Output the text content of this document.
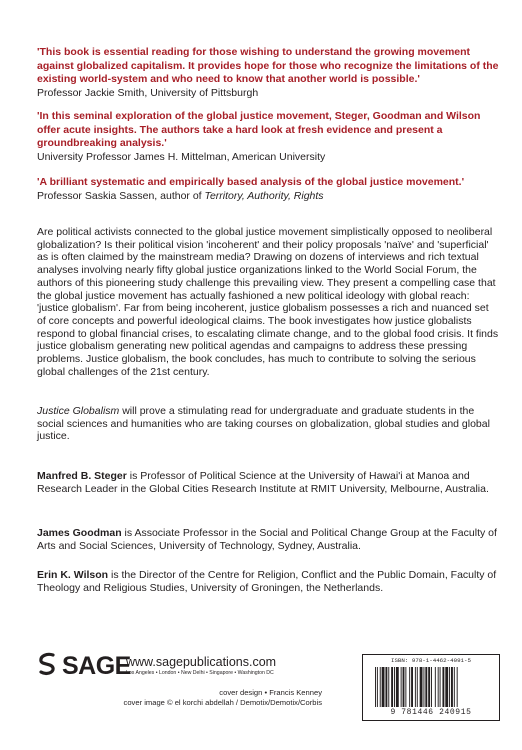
'This book is essential reading for those wishing to understand the growing movement against globalized capitalism. It provides hope for those who recognize the limitations of the existing world-system and who need to know that another world is possible.'

Professor Jackie Smith, University of Pittsburgh

'In this seminal exploration of the global justice movement, Steger, Goodman and Wilson offer acute insights. The authors take a hard look at fresh evidence and present a groundbreaking analysis.'

University Professor James H. Mittelman, American University

'A brilliant systematic and empirically based analysis of the global justice movement.'

Professor Saskia Sassen, author of Territory, Authority, Rights

Are political activists connected to the global justice movement simplistically opposed to neoliberal globalization? Is their political vision 'incoherent' and their policy proposals 'naïve' and 'superficial' as is often claimed by the mainstream media? Drawing on dozens of interviews and rich textual analyses involving nearly fifty global justice organizations linked to the World Social Forum, the authors of this pioneering study challenge this prevailing view. They present a compelling case that the global justice movement has actually fashioned a new political ideology with global reach: 'justice globalism'. Far from being incoherent, justice globalism possesses a rich and nuanced set of core concepts and powerful ideological claims. The book investigates how justice globalists respond to global financial crises, to escalating climate change, and to the global food crisis. It finds justice globalism generating new political agendas and campaigns to address these pressing problems. Justice globalism, the book concludes, has much to contribute to solving the serious global challenges of the 21st century.

Justice Globalism will prove a stimulating read for undergraduate and graduate students in the social sciences and humanities who are taking courses on globalization, global studies and global justice.

Manfred B. Steger is Professor of Political Science at the University of Hawai'i at Manoa and Research Leader in the Global Cities Research Institute at RMIT University, Melbourne, Australia.

James Goodman is Associate Professor in the Social and Political Change Group at the Faculty of Arts and Social Sciences, University of Technology, Sydney, Australia.

Erin K. Wilson is the Director of the Centre for Religion, Conflict and the Public Domain, Faculty of Theology and Religious Studies, University of Groningen, the Netherlands.

SAGE
www.sagepublications.com
Los Angeles • London • New Delhi • Singapore • Washington DC
cover design • Francis Kenney
cover image © el korchi abdellah / Demotix/Demotix/Corbis
ISBN: 978-1-4462-4091-5
9 781446 240915
